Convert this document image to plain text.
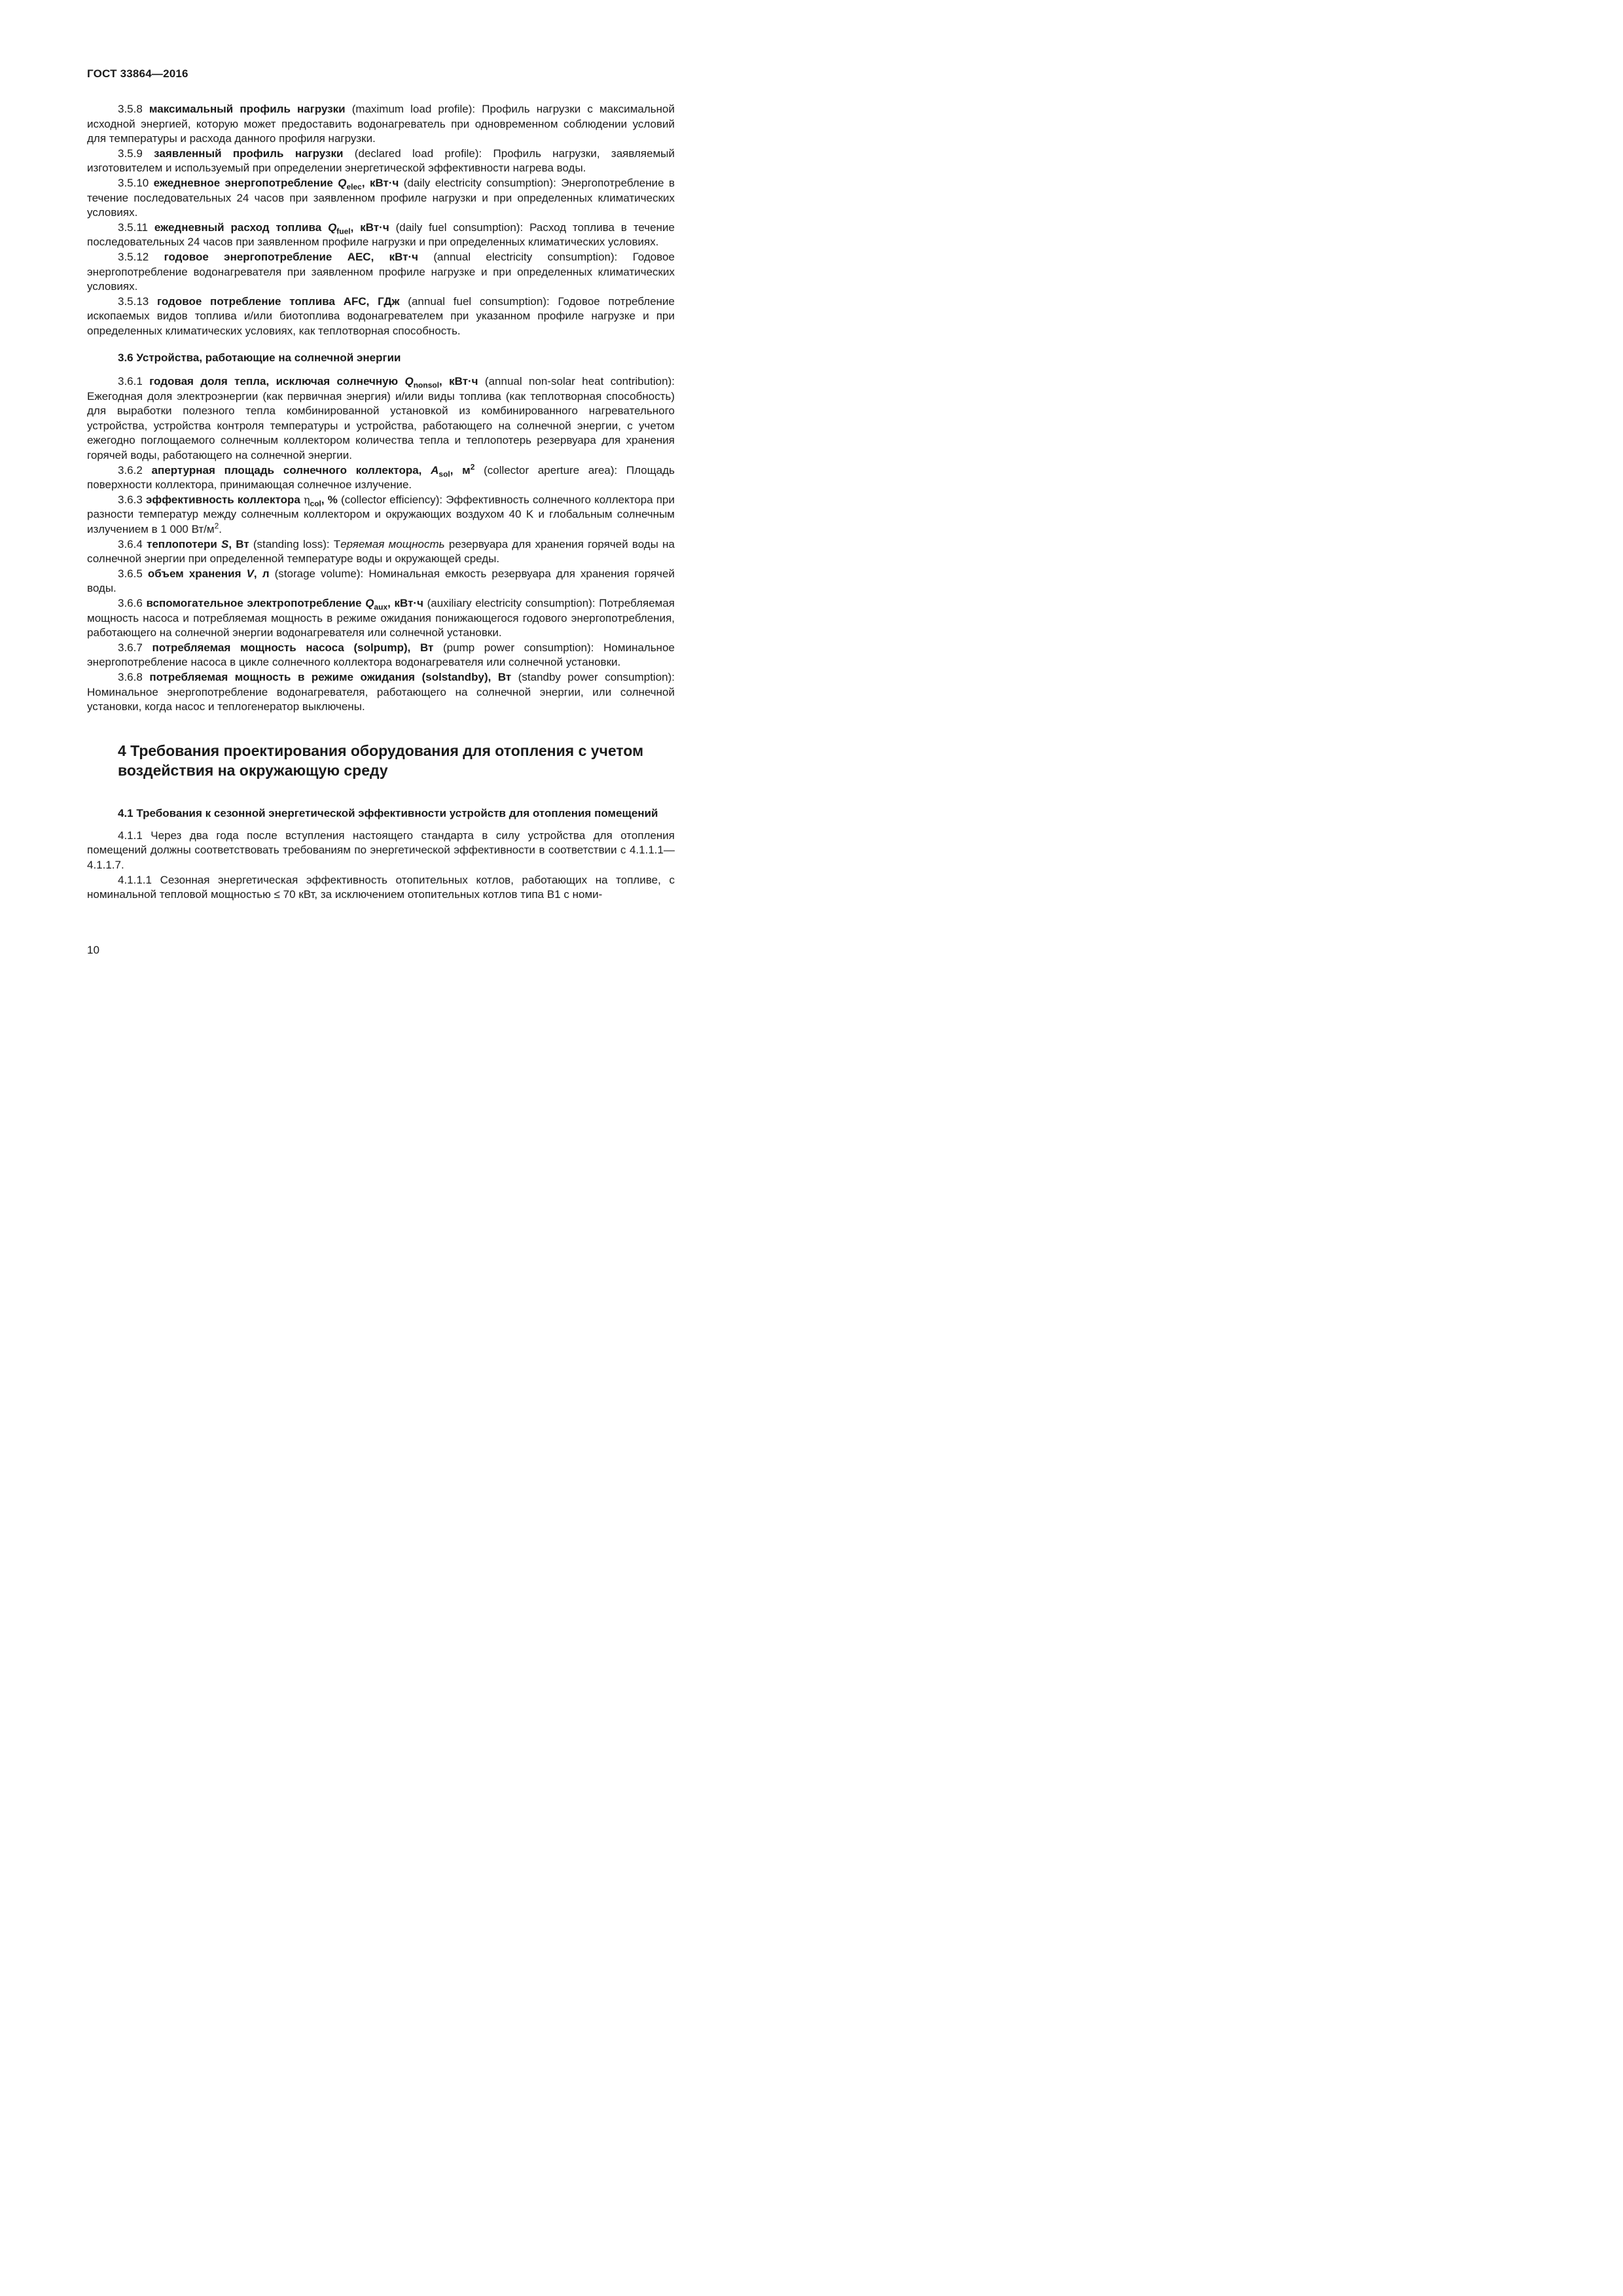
ГОСТ 33864—2016

3.5.8 максимальный профиль нагрузки (maximum load profile): Профиль нагрузки с максимальной исходной энергией, которую может предоставить водонагреватель при одновременном соблюдении условий для температуры и расхода данного профиля нагрузки.

3.5.9 заявленный профиль нагрузки (declared load profile): Профиль нагрузки, заявляемый изготовителем и используемый при определении энергетической эффективности нагрева воды.

3.5.10 ежедневное энергопотребление $Q_{elec}$, кВт·ч (daily electricity consumption): Энергопотребление в течение последовательных 24 часов при заявленном профиле нагрузки и при определенных климатических условиях.

3.5.11 ежедневный расход топлива $Q_{fuel}$, кВт·ч (daily fuel consumption): Расход топлива в течение последовательных 24 часов при заявленном профиле нагрузки и при определенных климатических условиях.

3.5.12 годовое энергопотребление AEC, кВт·ч (annual electricity consumption): Годовое энергопотребление водонагревателя при заявленном профиле нагрузке и при определенных климатических условиях.

3.5.13 годовое потребление топлива AFC, ГДж (annual fuel consumption): Годовое потребление ископаемых видов топлива и/или биотоплива водонагревателем при указанном профиле нагрузке и при определенных климатических условиях, как теплотворная способность.

3.6 Устройства, работающие на солнечной энергии

3.6.1 годовая доля тепла, исключая солнечную $Q_{nonsol}$, кВт·ч (annual non-solar heat contribution): Ежегодная доля электроэнергии (как первичная энергия) и/или виды топлива (как теплотворная способность) для выработки полезного тепла комбинированной установкой из комбинированного нагревательного устройства, устройства контроля температуры и устройства, работающего на солнечной энергии, с учетом ежегодно поглощаемого солнечным коллектором количества тепла и теплопотерь резервуара для хранения горячей воды, работающего на солнечной энергии.

3.6.2 апертурная площадь солнечного коллектора, $A_{sol}$, $м^2$ (collector aperture area): Площадь поверхности коллектора, принимающая солнечное излучение.

3.6.3 эффективность коллектора $\eta_{col}$, % (collector efficiency): Эффективность солнечного коллектора при разности температур между солнечным коллектором и окружающих воздухом 40 K и глобальным солнечным излучением в 1 000 $Вт/м^2$.

3.6.4 теплопотери S, Вт (standing loss): Теряемая мощность резервуара для хранения горячей воды на солнечной энергии при определенной температуре воды и окружающей среды.

3.6.5 объем хранения V, л (storage volume): Номинальная емкость резервуара для хранения горячей воды.

3.6.6 вспомогательное электропотребление $Q_{aux}$, кВт·ч (auxiliary electricity consumption): Потребляемая мощность насоса и потребляемая мощность в режиме ожидания понижающегося годового энергопотребления, работающего на солнечной энергии водонагревателя или солнечной установки.

3.6.7 потребляемая мощность насоса (solpump), Вт (pump power consumption): Номинальное энергопотребление насоса в цикле солнечного коллектора водонагревателя или солнечной установки.

3.6.8 потребляемая мощность в режиме ожидания (solstandby), Вт (standby power consumption): Номинальное энергопотребление водонагревателя, работающего на солнечной энергии, или солнечной установки, когда насос и теплогенератор выключены.

4 Требования проектирования оборудования для отопления с учетом воздействия на окружающую среду
4.1 Требования к сезонной энергетической эффективности устройств для отопления помещений

4.1.1 Через два года после вступления настоящего стандарта в силу устройства для отопления помещений должны соответствовать требованиям по энергетической эффективности в соответствии с 4.1.1.1—4.1.1.7.

4.1.1.1 Сезонная энергетическая эффективность отопительных котлов, работающих на топливе, с номинальной тепловой мощностью ≤ 70 кВт, за исключением отопительных котлов типа В1 с номи-

10
